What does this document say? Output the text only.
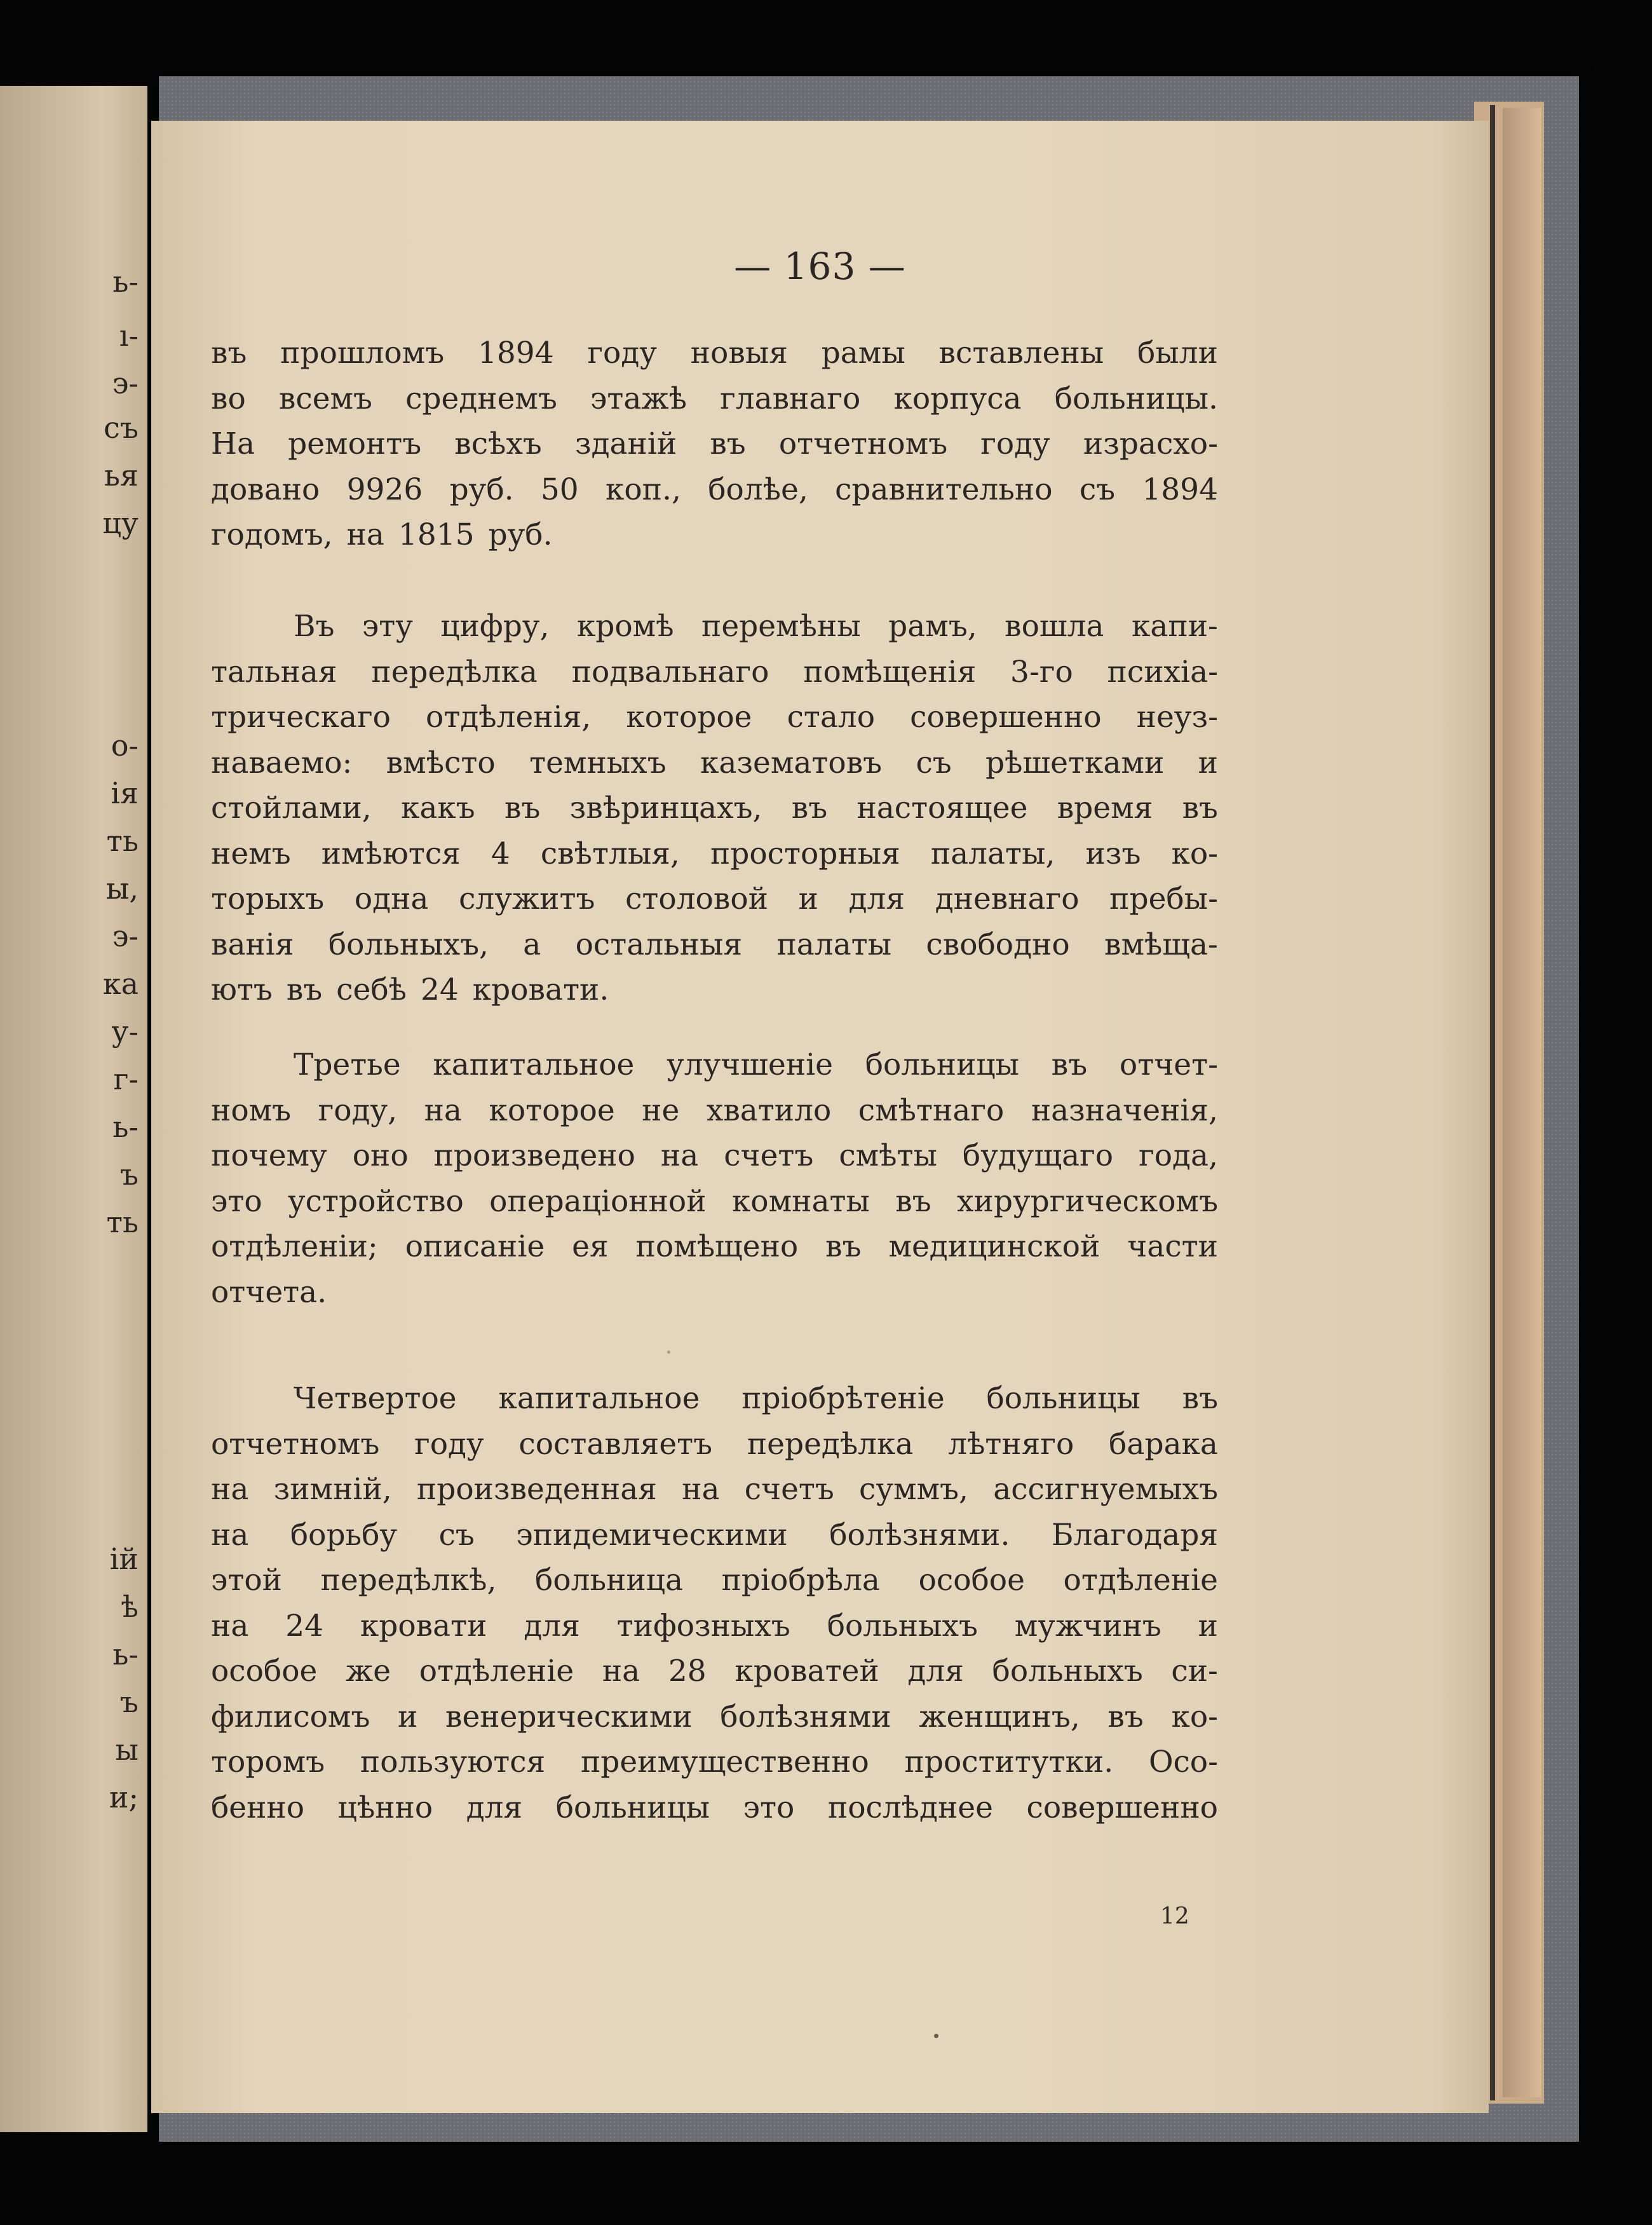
ь-
ı-
э-
съ
ья
цу
о-
ія
ть
ы,
э-
ка
у-
г-
ь-
ъ
ть
ій
ѣ
ь-
ъ
ы
и;
— 163 —
въ прошломъ 1894 году новыя рамы вставлены были
во всемъ среднемъ этажѣ главнаго корпуса больницы.
На ремонтъ всѣхъ зданій въ отчетномъ году израсхо-
довано 9926 руб. 50 коп., болѣе, сравнительно съ 1894
годомъ, на 1815 руб.
Въ эту цифру, кромѣ перемѣны рамъ, вошла капи-
тальная передѣлка подвальнаго помѣщенія 3-го психіа-
трическаго отдѣленія, которое стало совершенно неуз-
наваемо: вмѣсто темныхъ казематовъ съ рѣшетками и
стойлами, какъ въ звѣринцахъ, въ настоящее время въ
немъ имѣются 4 свѣтлыя, просторныя палаты, изъ ко-
торыхъ одна служитъ столовой и для дневнаго пребы-
ванія больныхъ, а остальныя палаты свободно вмѣща-
ютъ въ себѣ 24 кровати.
Третье капитальное улучшеніе больницы въ отчет-
номъ году, на которое не хватило смѣтнаго назначенія,
почему оно произведено на счетъ смѣты будущаго года,
это устройство операціонной комнаты въ хирургическомъ
отдѣленіи; описаніе ея помѣщено въ медицинской части
отчета.
Четвертое капитальное пріобрѣтеніе больницы въ
отчетномъ году составляетъ передѣлка лѣтняго барака
на зимній, произведенная на счетъ суммъ, ассигнуемыхъ
на борьбу съ эпидемическими болѣзнями. Благодаря
этой передѣлкѣ, больница пріобрѣла особое отдѣленіе
на 24 кровати для тифозныхъ больныхъ мужчинъ и
особое же отдѣленіе на 28 кроватей для больныхъ си-
филисомъ и венерическими болѣзнями женщинъ, въ ко-
торомъ пользуются преимущественно проститутки. Осо-
бенно цѣнно для больницы это послѣднее совершенно
12
